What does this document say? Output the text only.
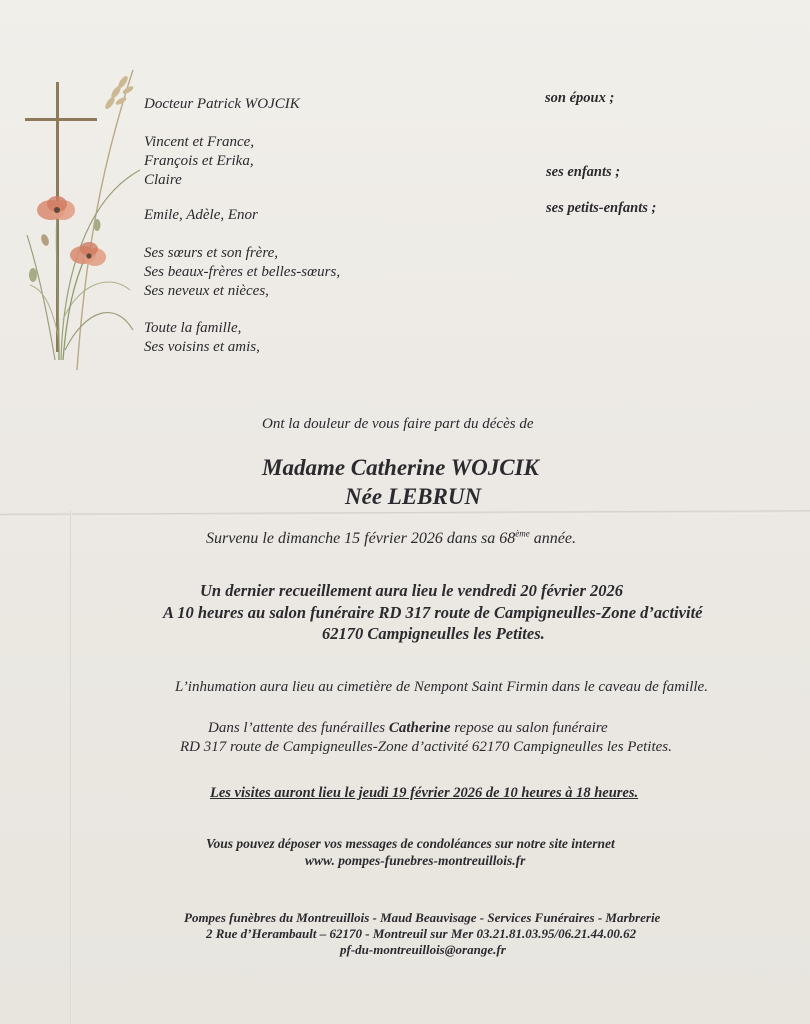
Docteur Patrick WOJCIK	son époux ;

Vincent et France,

François et Erika,

Claire	ses enfants ;

Emile, Adèle, Enor	ses petits-enfants ;

Ses sœurs et son frère,

Ses beaux-frères et belles-sœurs,

Ses neveux et nièces,

Toute la famille,

Ses voisins et amis,

Ont la douleur de vous faire part du décès de

Madame Catherine WOJCIK

Née LEBRUN

Survenu le dimanche 15 février 2026 dans sa 68ème année.

Un dernier recueillement aura lieu le vendredi 20 février 2026

A 10 heures au salon funéraire RD 317 route de Campigneulles-Zone d’activité

62170 Campigneulles les Petites.

L’inhumation aura lieu au cimetière de Nempont Saint Firmin dans le caveau de famille.

Dans l’attente des funérailles Catherine repose au salon funéraire

RD 317 route de Campigneulles-Zone d’activité 62170 Campigneulles les Petites.

Les visites auront lieu le jeudi 19 février 2026 de 10 heures à 18 heures.

Vous pouvez déposer vos messages de condoléances sur notre site internet

www. pompes-funebres-montreuillois.fr

Pompes funèbres du Montreuillois - Maud Beauvisage - Services Funéraires - Marbrerie

2 Rue d’Herambault – 62170 - Montreuil sur Mer 03.21.81.03.95/06.21.44.00.62

pf-du-montreuillois@orange.fr
